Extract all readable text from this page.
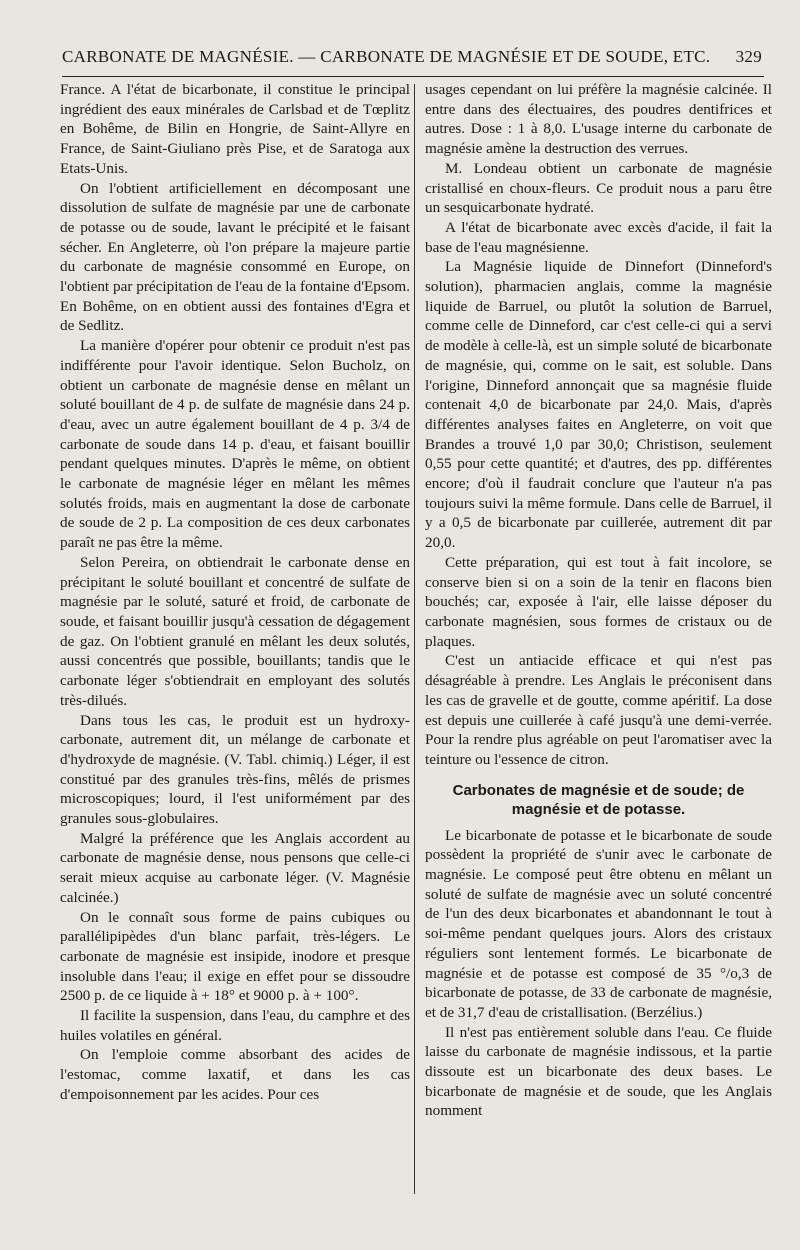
CARBONATE DE MAGNÉSIE. — CARBONATE DE MAGNÉSIE ET DE SOUDE, ETC. 329

France. A l'état de bicarbonate, il constitue le principal ingrédient des eaux minérales de Carlsbad et de Tœplitz en Bohême, de Bilin en Hongrie, de Saint-Allyre en France, de Saint-Giuliano près Pise, et de Saratoga aux Etats-Unis.

On l'obtient artificiellement en décomposant une dissolution de sulfate de magnésie par une de carbonate de potasse ou de soude, lavant le précipité et le faisant sécher. En Angleterre, où l'on prépare la majeure partie du carbonate de magnésie consommé en Europe, on l'obtient par précipitation de l'eau de la fontaine d'Epsom. En Bohême, on en obtient aussi des fontaines d'Egra et de Sedlitz.

La manière d'opérer pour obtenir ce produit n'est pas indifférente pour l'avoir identique. Selon Bucholz, on obtient un carbonate de magnésie dense en mêlant un soluté bouillant de 4 p. de sulfate de magnésie dans 24 p. d'eau, avec un autre également bouillant de 4 p. 3/4 de carbonate de soude dans 14 p. d'eau, et faisant bouillir pendant quelques minutes. D'après le même, on obtient le carbonate de magnésie léger en mêlant les mêmes solutés froids, mais en augmentant la dose de carbonate de soude de 2 p. La composition de ces deux carbonates paraît ne pas être la même.

Selon Pereira, on obtiendrait le carbonate dense en précipitant le soluté bouillant et concentré de sulfate de magnésie par le soluté, saturé et froid, de carbonate de soude, et faisant bouillir jusqu'à cessation de dégagement de gaz. On l'obtient granulé en mêlant les deux solutés, aussi concentrés que possible, bouillants; tandis que le carbonate léger s'obtiendrait en employant des solutés très-dilués.

Dans tous les cas, le produit est un hydroxy-carbonate, autrement dit, un mélange de carbonate et d'hydroxyde de magnésie. (V. Tabl. chimiq.) Léger, il est constitué par des granules très-fins, mêlés de prismes microscopiques; lourd, il l'est uniformément par des granules sous-globulaires.

Malgré la préférence que les Anglais accordent au carbonate de magnésie dense, nous pensons que celle-ci serait mieux acquise au carbonate léger. (V. Magnésie calcinée.)

On le connaît sous forme de pains cubiques ou parallélipipèdes d'un blanc parfait, très-légers. Le carbonate de magnésie est insipide, inodore et presque insoluble dans l'eau; il exige en effet pour se dissoudre 2500 p. de ce liquide à + 18° et 9000 p. à + 100°.

Il facilite la suspension, dans l'eau, du camphre et des huiles volatiles en général.

On l'emploie comme absorbant des acides de l'estomac, comme laxatif, et dans les cas d'empoisonnement par les acides. Pour ces

usages cependant on lui préfère la magnésie calcinée. Il entre dans des électuaires, des poudres dentifrices et autres. Dose : 1 à 8,0. L'usage interne du carbonate de magnésie amène la destruction des verrues.

M. Londeau obtient un carbonate de magnésie cristallisé en choux-fleurs. Ce produit nous a paru être un sesquicarbonate hydraté.

A l'état de bicarbonate avec excès d'acide, il fait la base de l'eau magnésienne.

La Magnésie liquide de Dinnefort (Dinneford's solution), pharmacien anglais, comme la magnésie liquide de Barruel, ou plutôt la solution de Barruel, comme celle de Dinneford, car c'est celle-ci qui a servi de modèle à celle-là, est un simple soluté de bicarbonate de magnésie, qui, comme on le sait, est soluble. Dans l'origine, Dinneford annonçait que sa magnésie fluide contenait 4,0 de bicarbonate par 24,0. Mais, d'après différentes analyses faites en Angleterre, on voit que Brandes a trouvé 1,0 par 30,0; Christison, seulement 0,55 pour cette quantité; et d'autres, des pp. différentes encore; d'où il faudrait conclure que l'auteur n'a pas toujours suivi la même formule. Dans celle de Barruel, il y a 0,5 de bicarbonate par cuillerée, autrement dit par 20,0.

Cette préparation, qui est tout à fait incolore, se conserve bien si on a soin de la tenir en flacons bien bouchés; car, exposée à l'air, elle laisse déposer du carbonate magnésien, sous formes de cristaux ou de plaques.

C'est un antiacide efficace et qui n'est pas désagréable à prendre. Les Anglais le préconisent dans les cas de gravelle et de goutte, comme apéritif. La dose est depuis une cuillerée à café jusqu'à une demi-verrée. Pour la rendre plus agréable on peut l'aromatiser avec la teinture ou l'essence de citron.

Carbonates de magnésie et de soude; de magnésie et de potasse.

Le bicarbonate de potasse et le bicarbonate de soude possèdent la propriété de s'unir avec le carbonate de magnésie. Le composé peut être obtenu en mêlant un soluté de sulfate de magnésie avec un soluté concentré de l'un des deux bicarbonates et abandonnant le tout à soi-même pendant quelques jours. Alors des cristaux réguliers sont lentement formés. Le bicarbonate de magnésie et de potasse est composé de 35 °/o,3 de bicarbonate de potasse, de 33 de carbonate de magnésie, et de 31,7 d'eau de cristallisation. (Berzélius.)

Il n'est pas entièrement soluble dans l'eau. Ce fluide laisse du carbonate de magnésie indissous, et la partie dissoute est un bicarbonate des deux bases. Le bicarbonate de magnésie et de soude, que les Anglais nomment
